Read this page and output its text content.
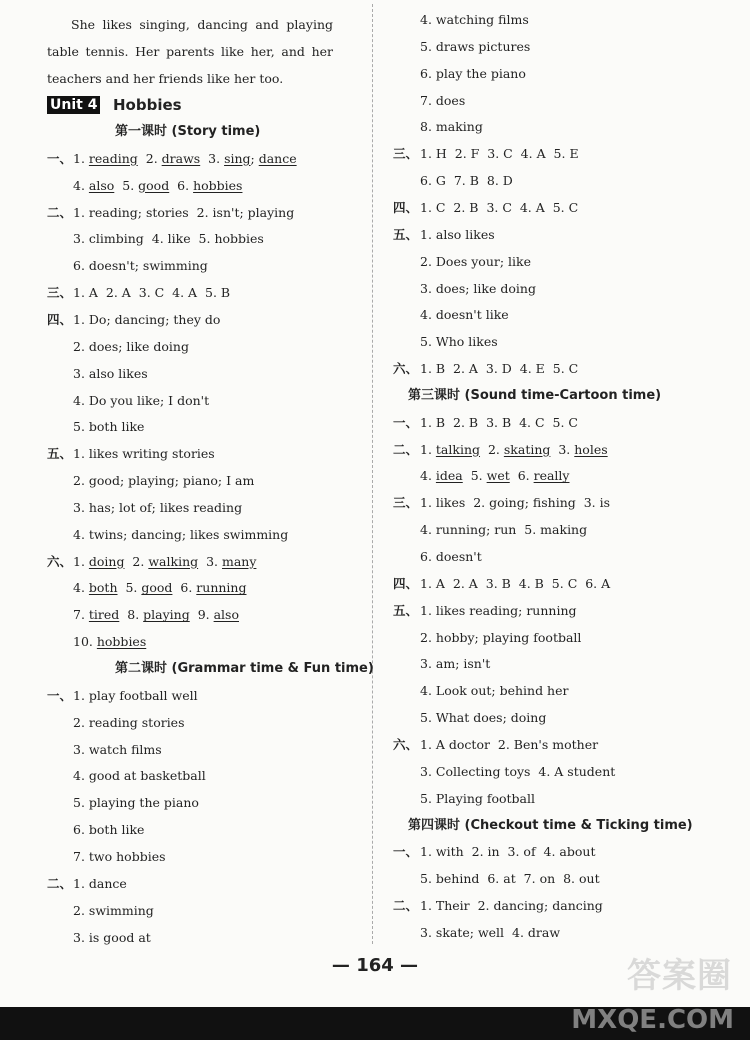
She likes singing, dancing and playing table tennis. Her parents like her, and her teachers and her friends like her too.
Unit 4 Hobbies
第一课时 (Story time)
一、 1. reading  2. draws  3. sing; dance
4. also  5. good  6. hobbies
二、 1. reading; stories  2. isn't; playing
3. climbing  4. like  5. hobbies
6. doesn't; swimming
三、 1. A  2. A  3. C  4. A  5. B
四、 1. Do; dancing; they do
2. does; like doing
3. also likes
4. Do you like; I don't
5. both like
五、 1. likes writing stories
2. good; playing; piano; I am
3. has; lot of; likes reading
4. twins; dancing; likes swimming
六、 1. doing  2. walking  3. many
4. both  5. good  6. running
7. tired  8. playing  9. also
10. hobbies
第二课时 (Grammar time & Fun time)
一、 1. play football well
2. reading stories
3. watch films
4. good at basketball
5. playing the piano
6. both like
7. two hobbies
二、 1. dance
2. swimming
3. is good at
4. watching films
5. draws pictures
6. play the piano
7. does
8. making
三、 1. H  2. F  3. C  4. A  5. E
6. G  7. B  8. D
四、 1. C  2. B  3. C  4. A  5. C
五、 1. also likes
2. Does your; like
3. does; like doing
4. doesn't like
5. Who likes
六、 1. B  2. A  3. D  4. E  5. C
第三课时 (Sound time-Cartoon time)
一、 1. B  2. B  3. B  4. C  5. C
二、 1. talking  2. skating  3. holes
4. idea  5. wet  6. really
三、 1. likes  2. going; fishing  3. is
4. running; run  5. making
6. doesn't
四、 1. A  2. A  3. B  4. B  5. C  6. A
五、 1. likes reading; running
2. hobby; playing football
3. am; isn't
4. Look out; behind her
5. What does; doing
六、 1. A doctor  2. Ben's mother
3. Collecting toys  4. A student
5. Playing football
第四课时 (Checkout time & Ticking time)
一、 1. with  2. in  3. of  4. about
5. behind  6. at  7. on  8. out
二、 1. Their  2. dancing; dancing
3. skate; well  4. draw
— 164 —	答案圈
MXQE.COM
